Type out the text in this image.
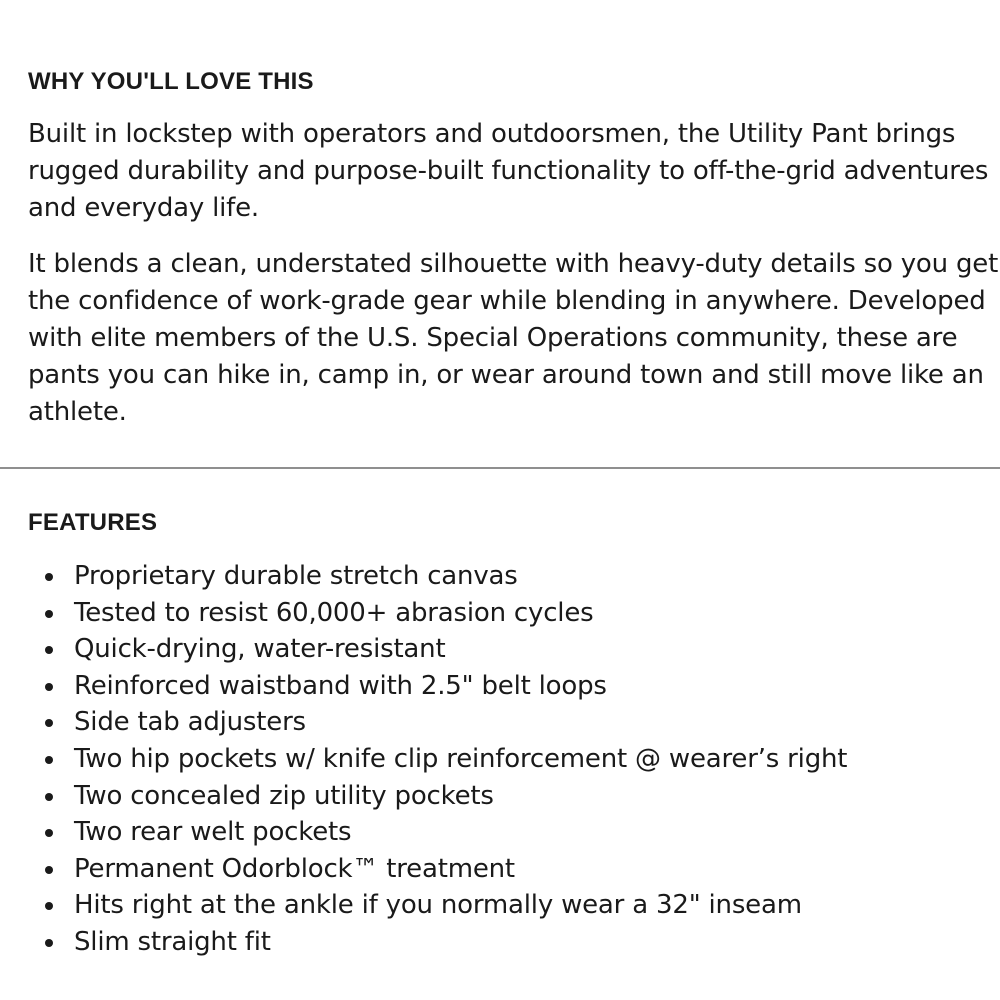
WHY YOU'LL LOVE THIS

Built in lockstep with operators and outdoorsmen, the Utility Pant brings rugged durability and purpose-built functionality to off-the-grid adventures and everyday life.

It blends a clean, understated silhouette with heavy-duty details so you get the confidence of work-grade gear while blending in anywhere. Developed with elite members of the U.S. Special Operations community, these are pants you can hike in, camp in, or wear around town and still move like an athlete.

FEATURES
Proprietary durable stretch canvas
Tested to resist 60,000+ abrasion cycles
Quick-drying, water-resistant
Reinforced waistband with 2.5" belt loops
Side tab adjusters
Two hip pockets w/ knife clip reinforcement @ wearer’s right
Two concealed zip utility pockets
Two rear welt pockets
Permanent Odorblock™ treatment
Hits right at the ankle if you normally wear a 32" inseam
Slim straight fit
